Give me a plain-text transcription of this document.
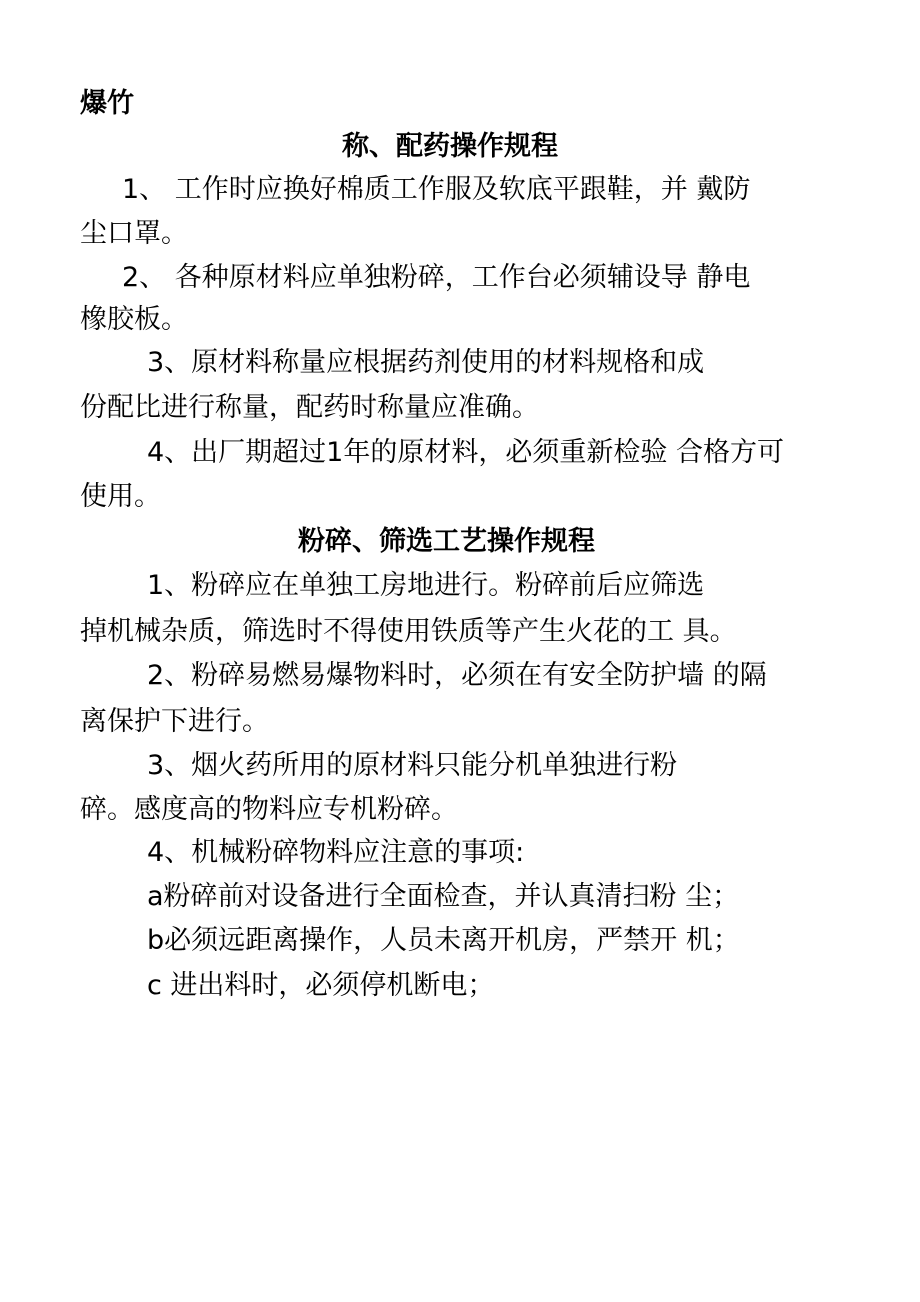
爆竹

称、配药操作规程

1、 工作时应换好棉质工作服及软底平跟鞋，并 戴防

尘口罩。

2、 各种原材料应单独粉碎，工作台必须辅设导 静电

橡胶板。

3、原材料称量应根据药剂使用的材料规格和成

份配比进行称量，配药时称量应准确。

4、出厂期超过1年的原材料，必须重新检验 合格方可

使用。

粉碎、筛选工艺操作规程

1、粉碎应在单独工房地进行。粉碎前后应筛选

掉机械杂质，筛选时不得使用铁质等产生火花的工 具。

2、粉碎易燃易爆物料时，必须在有安全防护墙 的隔

离保护下进行。

3、烟火药所用的原材料只能分机单独进行粉

碎。感度高的物料应专机粉碎。

4、机械粉碎物料应注意的事项:

a粉碎前对设备进行全面检查，并认真清扫粉 尘；

b必须远距离操作，人员未离开机房，严禁开 机；

c 进出料时，必须停机断电；
